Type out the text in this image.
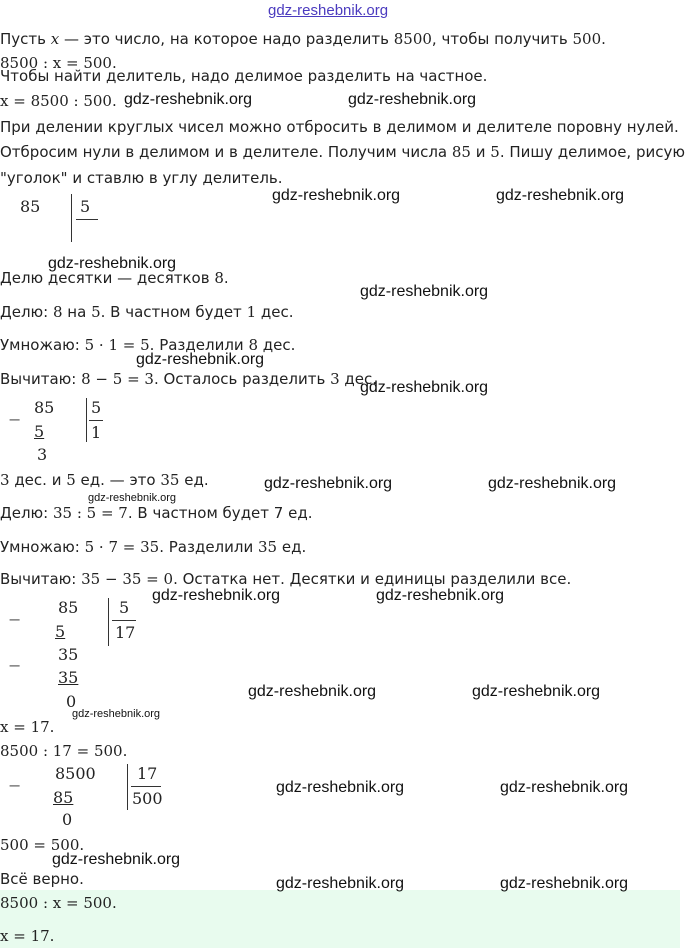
gdz-reshebnik.org
Пусть x — это число, на которое надо разделить 8500, чтобы получить 500.
8500 : x = 500.
Чтобы найти делитель, надо делимое разделить на частное.
x = 8500 : 500.
При делении круглых чисел можно отбросить в делимом и делителе поровну нулей.
Отбросим нули в делимом и в делителе. Получим числа 85 и 5. Пишу делимое, рисую
"уголок" и ставлю в углу делитель.
85 5
Делю десятки — десятков 8.
Делю: 8 на 5. В частном будет 1 дес.
Умножаю: 5 · 1 = 5. Разделили 8 дес.
Вычитаю: 8 − 5 = 3. Осталось разделить 3 дес.
−
85
5
3
5
1
3 дес. и 5 ед. — это 35 ед.
Делю: 35 : 5 = 7. В частном будет 7 ед.
Умножаю: 5 · 7 = 35. Разделили 35 ед.
Вычитаю: 35 − 35 = 0. Остатка нет. Десятки и единицы разделили все.
−
85
5
−
35
35
0
5
17
x = 17.
8500 : 17 = 500.
−
8500
85
0
17
500
500 = 500.
Всё верно.
8500 : x = 500.
x = 17.
gdz-reshebnik.org	gdz-reshebnik.org
gdz-reshebnik.org	gdz-reshebnik.org
gdz-reshebnik.org
gdz-reshebnik.org
gdz-reshebnik.org
gdz-reshebnik.org
gdz-reshebnik.org	gdz-reshebnik.org
gdz-reshebnik.org
gdz-reshebnik.org	gdz-reshebnik.org
gdz-reshebnik.org	gdz-reshebnik.org
gdz-reshebnik.org
gdz-reshebnik.org	gdz-reshebnik.org
gdz-reshebnik.org
gdz-reshebnik.org	gdz-reshebnik.org
